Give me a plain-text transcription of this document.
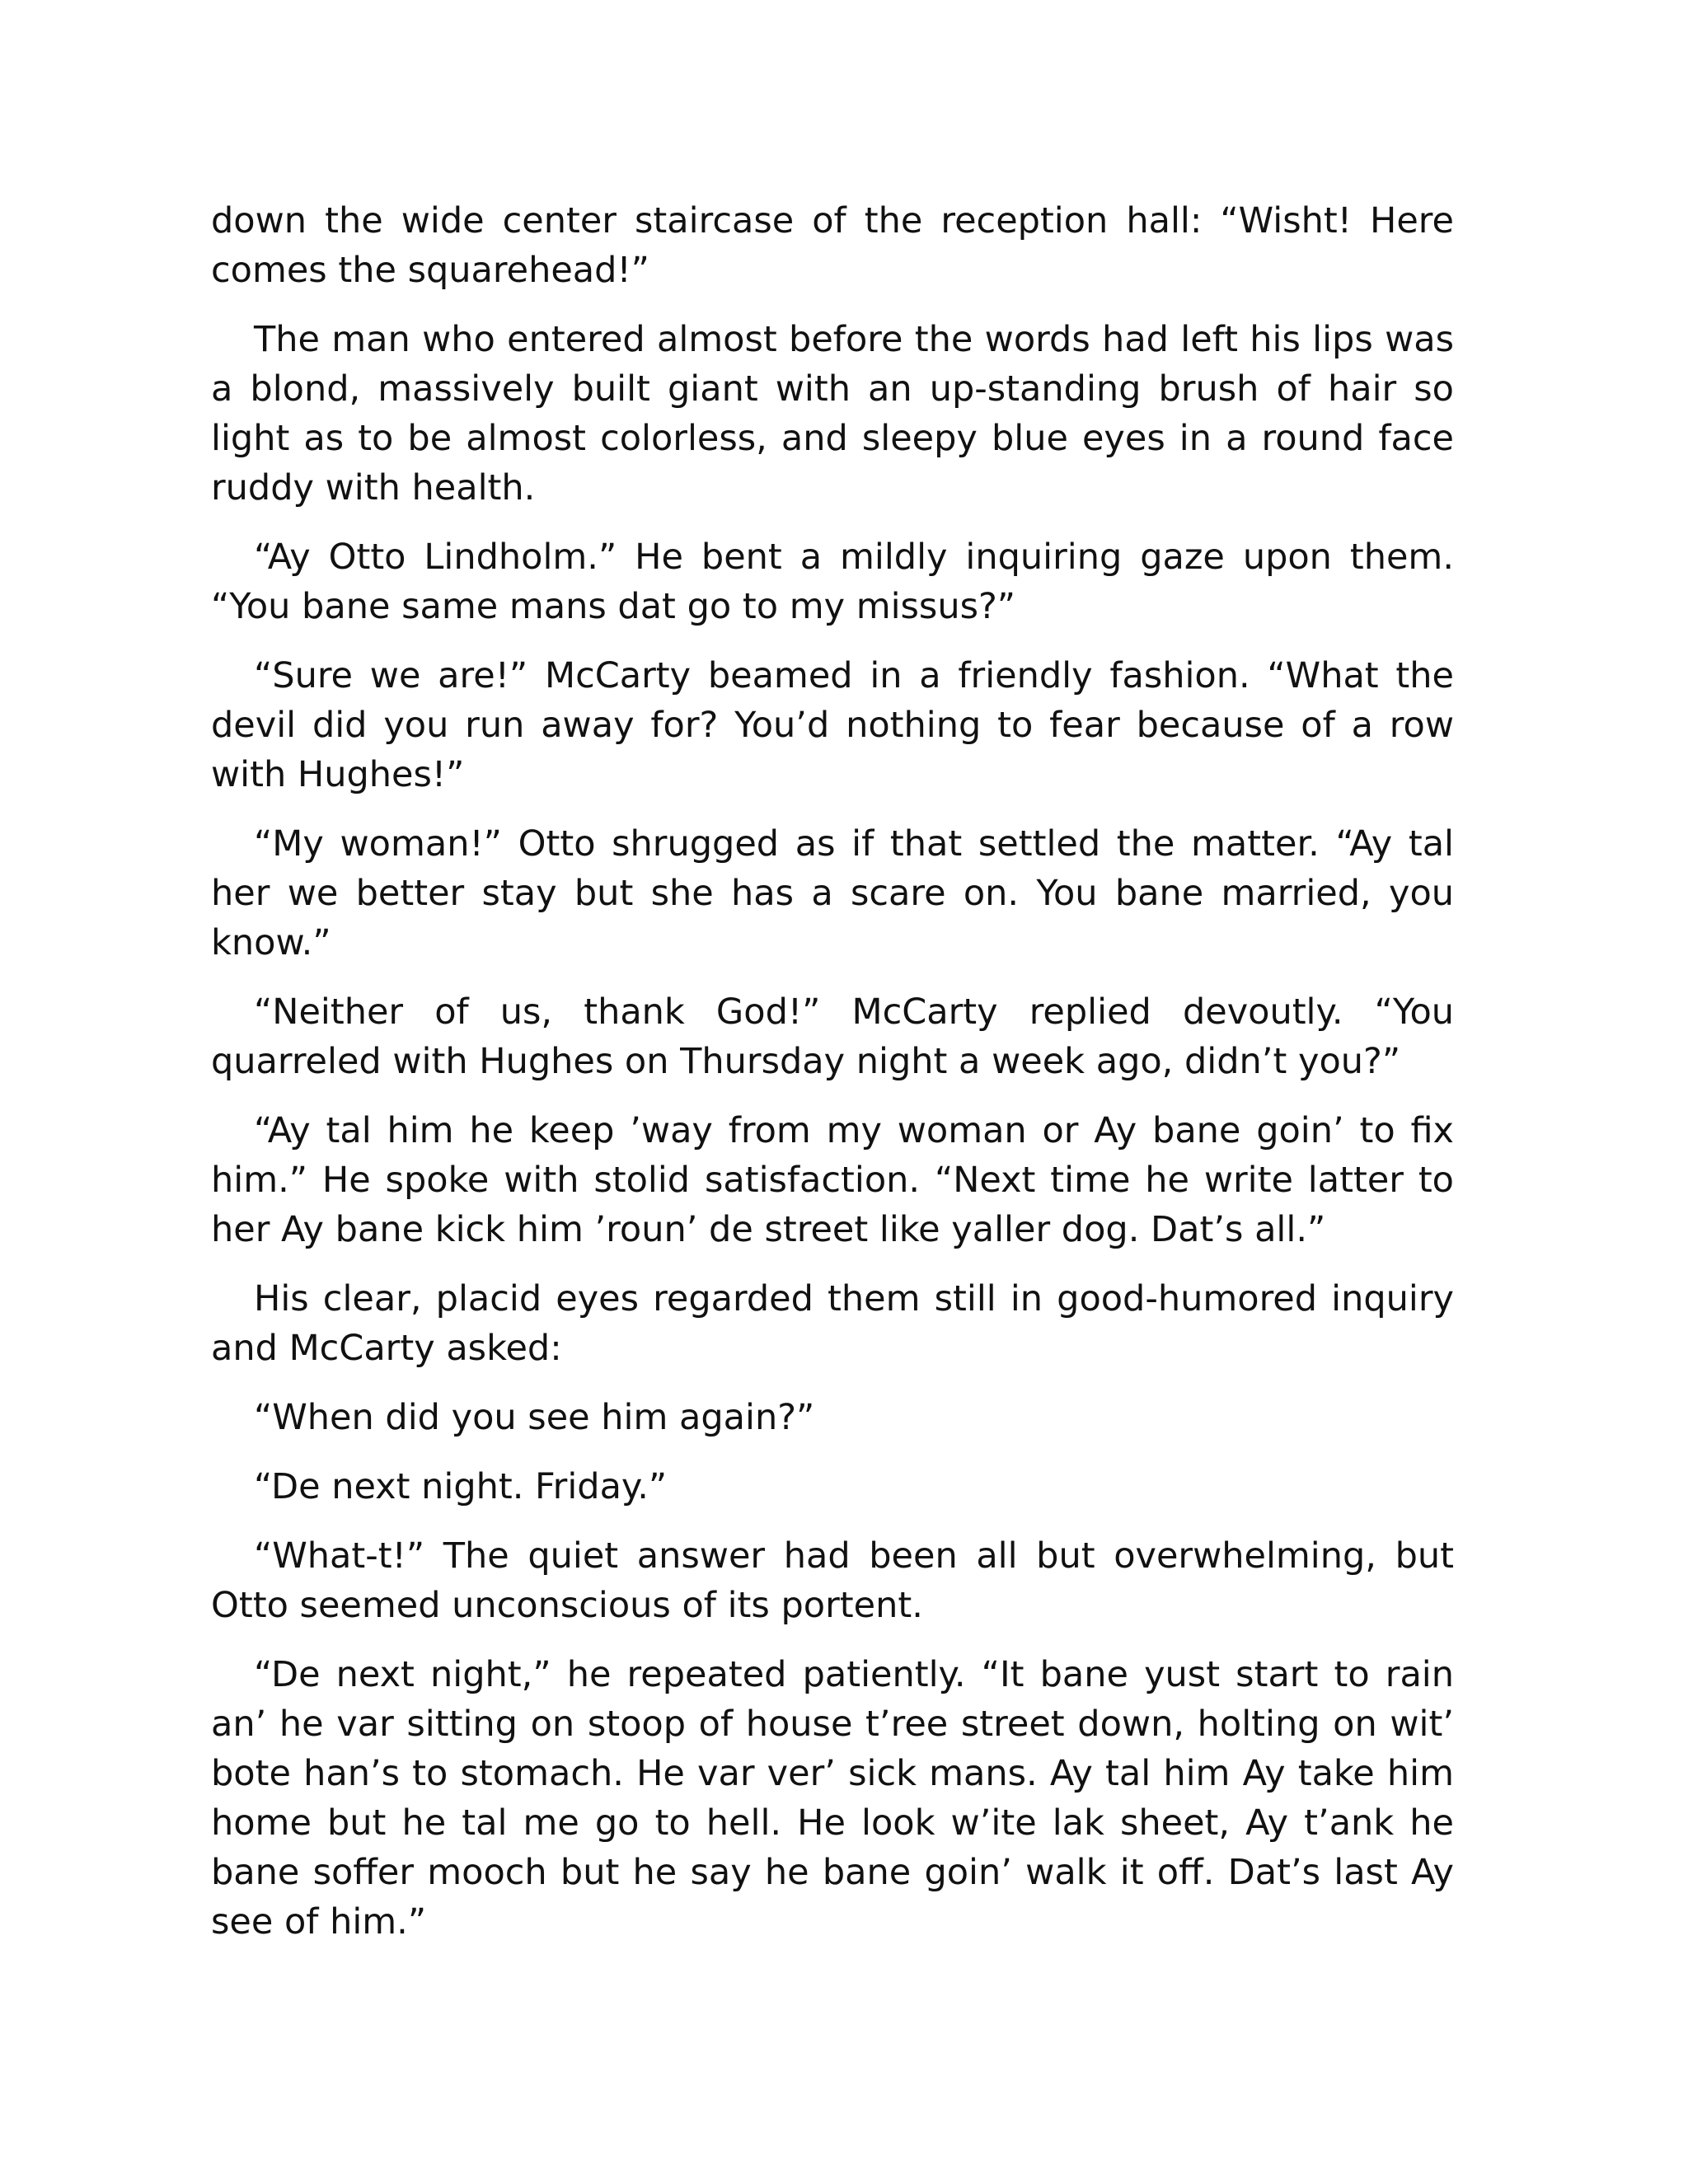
down the wide center staircase of the reception hall: “Wisht! Here comes the squarehead!”

The man who entered almost before the words had left his lips was a blond, massively built giant with an up-standing brush of hair so light as to be almost colorless, and sleepy blue eyes in a round face ruddy with health.

“Ay Otto Lindholm.” He bent a mildly inquiring gaze upon them. “You bane same mans dat go to my missus?”

“Sure we are!” McCarty beamed in a friendly fashion. “What the devil did you run away for? You’d nothing to fear because of a row with Hughes!”

“My woman!” Otto shrugged as if that settled the matter. “Ay tal her we better stay but she has a scare on. You bane married, you know.”

“Neither of us, thank God!” McCarty replied devoutly. “You quarreled with Hughes on Thursday night a week ago, didn’t you?”

“Ay tal him he keep ’way from my woman or Ay bane goin’ to fix him.” He spoke with stolid satisfaction. “Next time he write latter to her Ay bane kick him ’roun’ de street like yaller dog. Dat’s all.”

His clear, placid eyes regarded them still in good-humored inquiry and McCarty asked:

“When did you see him again?”

“De next night. Friday.”

“What-t!” The quiet answer had been all but overwhelming, but Otto seemed unconscious of its portent.

“De next night,” he repeated patiently. “It bane yust start to rain an’ he var sitting on stoop of house t’ree street down, holting on wit’ bote han’s to stomach. He var ver’ sick mans. Ay tal him Ay take him home but he tal me go to hell. He look w’ite lak sheet, Ay t’ank he bane soffer mooch but he say he bane goin’ walk it off. Dat’s last Ay see of him.”
